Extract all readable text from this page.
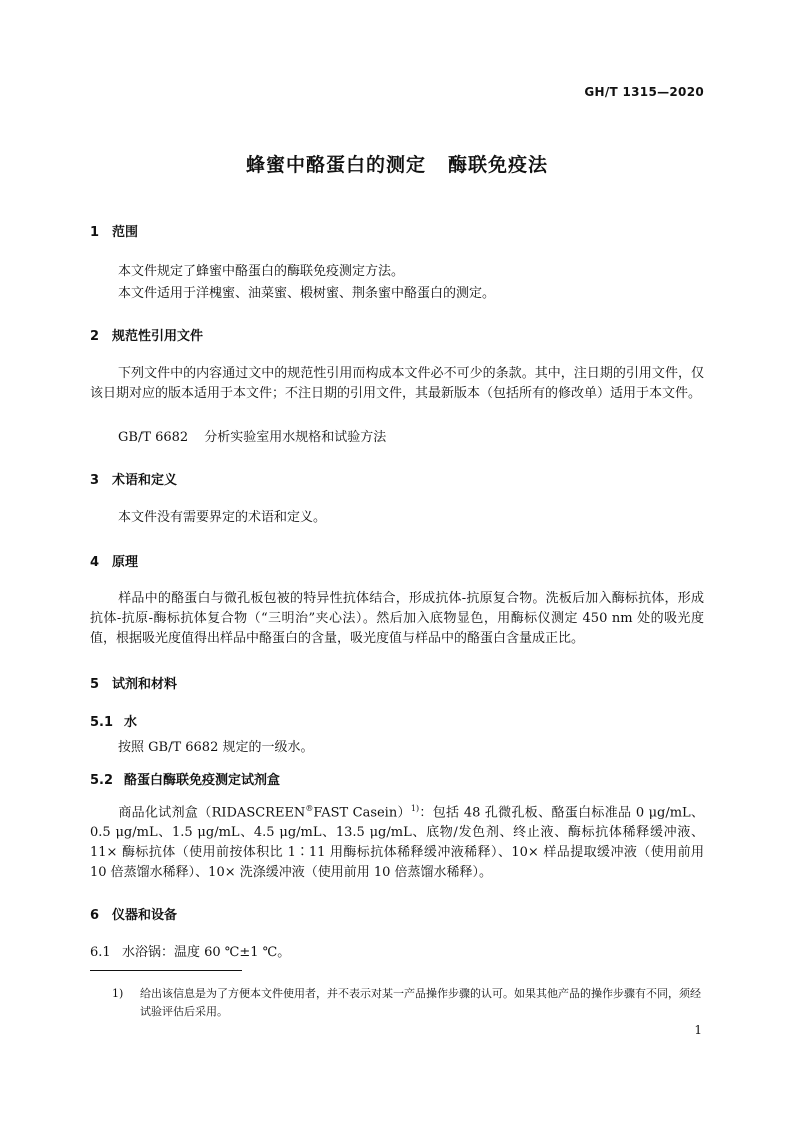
GH/T 1315—2020
蜂蜜中酪蛋白的测定 酶联免疫法
1 范围
本文件规定了蜂蜜中酪蛋白的酶联免疫测定方法。
本文件适用于洋槐蜜、油菜蜜、椴树蜜、荆条蜜中酪蛋白的测定。
2 规范性引用文件
下列文件中的内容通过文中的规范性引用而构成本文件必不可少的条款。其中，注日期的引用文件，仅该日期对应的版本适用于本文件；不注日期的引用文件，其最新版本（包括所有的修改单）适用于本文件。
GB/T 6682 分析实验室用水规格和试验方法
3 术语和定义
本文件没有需要界定的术语和定义。
4 原理
样品中的酪蛋白与微孔板包被的特异性抗体结合，形成抗体-抗原复合物。洗板后加入酶标抗体，形成抗体-抗原-酶标抗体复合物（“三明治”夹心法）。然后加入底物显色，用酶标仪测定 450 nm 处的吸光度值，根据吸光度值得出样品中酪蛋白的含量，吸光度值与样品中的酪蛋白含量成正比。
5 试剂和材料
5.1 水
按照 GB/T 6682 规定的一级水。
5.2 酪蛋白酶联免疫测定试剂盒
商品化试剂盒（RIDASCREEN®FAST Casein）$^{1)}$：包括 48 孔微孔板、酪蛋白标准品 0 μg/mL、0.5 μg/mL、1.5 μg/mL、4.5 μg/mL、13.5 μg/mL、底物/发色剂、终止液、酶标抗体稀释缓冲液、11× 酶标抗体（使用前按体积比 1∶11 用酶标抗体稀释缓冲液稀释）、10× 样品提取缓冲液（使用前用 10 倍蒸馏水稀释）、10× 洗涤缓冲液（使用前用 10 倍蒸馏水稀释）。
6 仪器和设备
6.1 水浴锅：温度 60 ℃±1 ℃。
1) 给出该信息是为了方便本文件使用者，并不表示对某一产品操作步骤的认可。如果其他产品的操作步骤有不同，须经试验评估后采用。
1
